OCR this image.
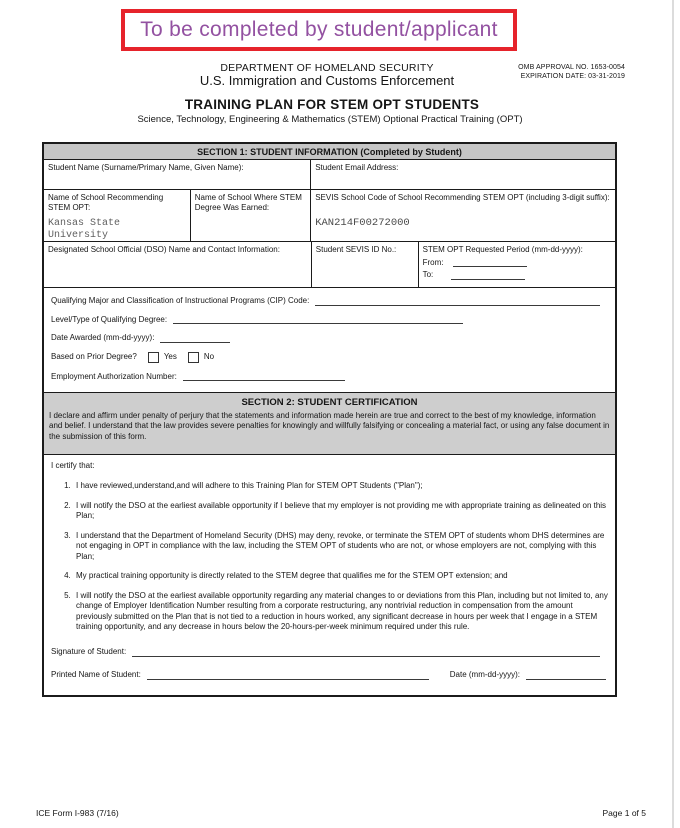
To be completed by student/applicant
DEPARTMENT OF HOMELAND SECURITY
U.S. Immigration and Customs Enforcement
OMB APPROVAL NO. 1653-0054
EXPIRATION DATE: 03-31-2019
TRAINING PLAN FOR STEM OPT STUDENTS
Science, Technology, Engineering & Mathematics (STEM) Optional Practical Training (OPT)
SECTION 1: STUDENT INFORMATION (Completed by Student)
Student Name (Surname/Primary Name, Given Name):	Student Email Address:
Name of School Recommending STEM OPT:
Kansas State University
Name of School Where STEM Degree Was Earned:
SEVIS School Code of School Recommending STEM OPT (including 3-digit suffix):
KAN214F00272000
Designated School Official (DSO) Name and Contact Information:	Student SEVIS ID No.:	STEM OPT Requested Period (mm-dd-yyyy):
From:
To:
Qualifying Major and Classification of Instructional Programs (CIP) Code:
Level/Type of Qualifying Degree:
Date Awarded (mm-dd-yyyy):
Based on Prior Degree?	Yes	No
Employment Authorization Number:
SECTION 2: STUDENT CERTIFICATION
I declare and affirm under penalty of perjury that the statements and information made herein are true and correct to the best of my knowledge, information and belief. I understand that the law provides severe penalties for knowingly and willfully falsifying or concealing a material fact, or using any false document in the submission of this form.
I certify that:
1. I have reviewed,understand,and will adhere to this Training Plan for STEM OPT Students ("Plan");
2. I will notify the DSO at the earliest available opportunity if I believe that my employer is not providing me with appropriate training as delineated on this Plan;
3. I understand that the Department of Homeland Security (DHS) may deny, revoke, or terminate the STEM OPT of students whom DHS determines are not engaging in OPT in compliance with the law, including the STEM OPT of students who are not, or whose employers are not, complying with this Plan;
4. My practical training opportunity is directly related to the STEM degree that qualifies me for the STEM OPT extension; and
5. I will notify the DSO at the earliest available opportunity regarding any material changes to or deviations from this Plan, including but not limited to, any change of Employer Identification Number resulting from a corporate restructuring, any nontrivial reduction in compensation from the amount previously submitted on the Plan that is not tied to a reduction in hours worked, any significant decrease in hours per week that I engage in a STEM training opportunity, and any decrease in hours below the 20-hours-per-week minimum required under this rule.
Signature of Student:
Printed Name of Student:	Date (mm-dd-yyyy):
ICE Form I-983 (7/16)	Page 1 of 5
